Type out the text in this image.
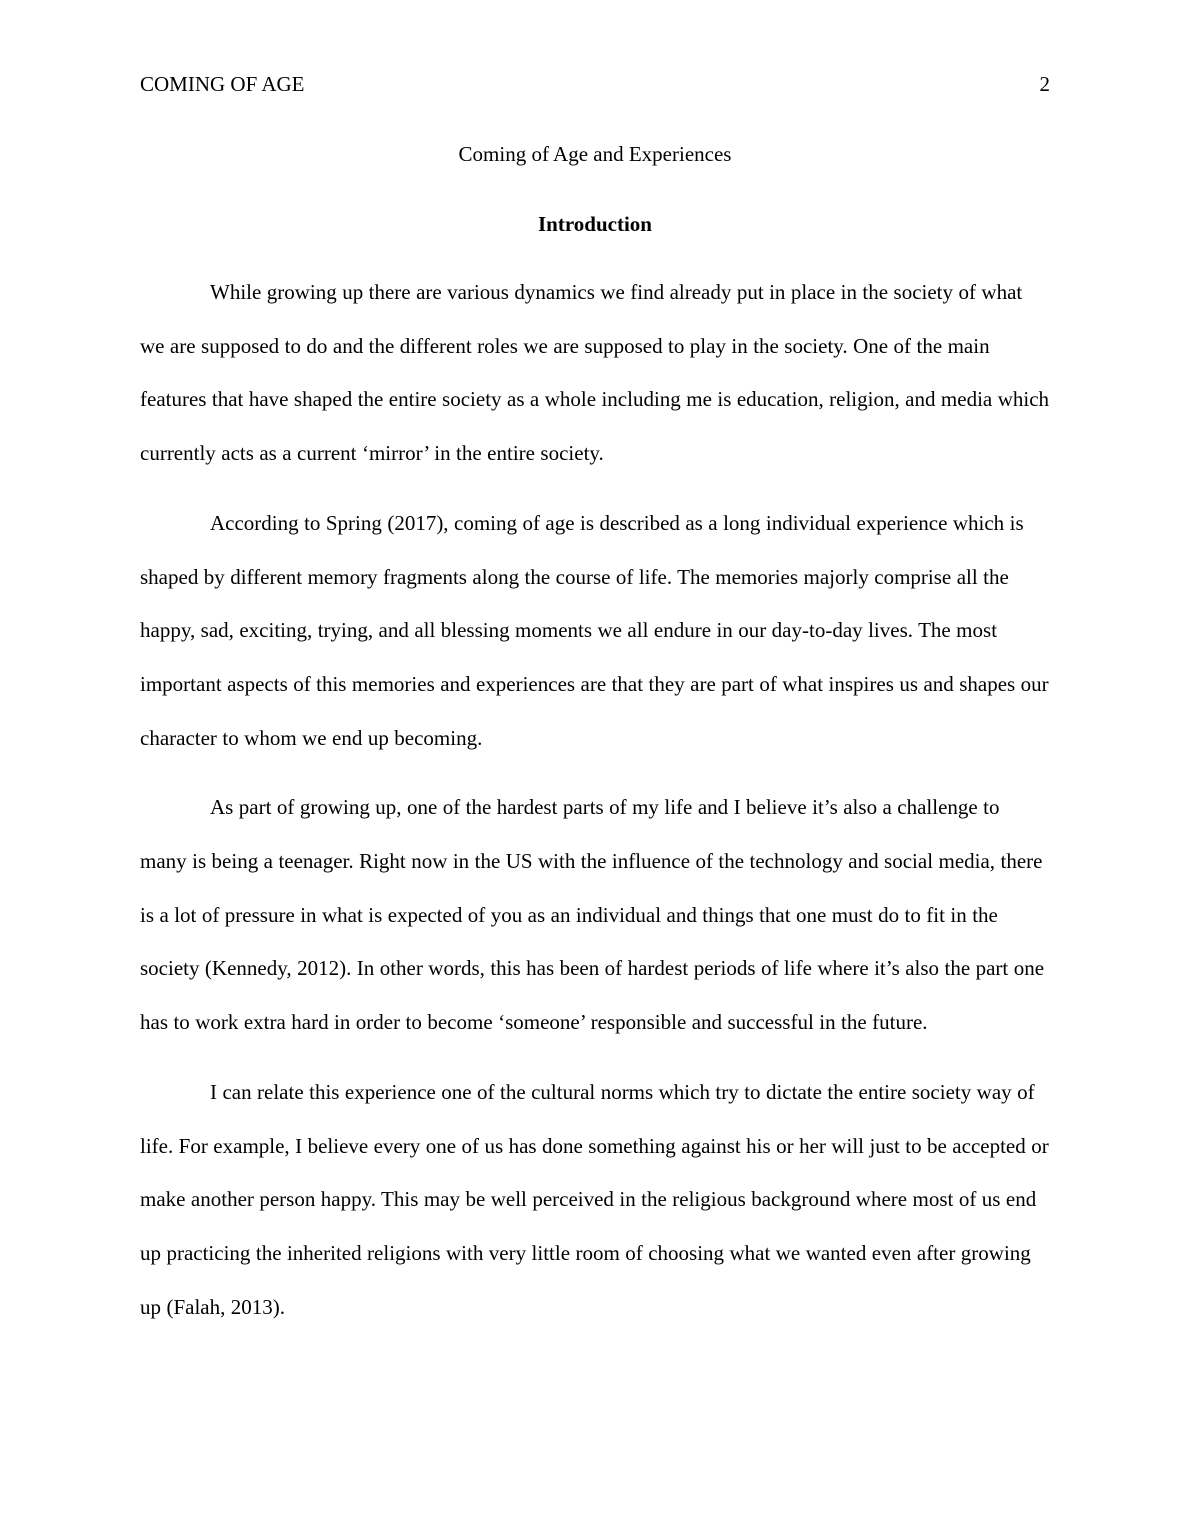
COMING OF AGE	2
Coming of Age and Experiences
Introduction

While growing up there are various dynamics we find already put in place in the society of what we are supposed to do and the different roles we are supposed to play in the society. One of the main features that have shaped the entire society as a whole including me is education, religion, and media which currently acts as a current ‘mirror’ in the entire society.

According to Spring (2017), coming of age is described as a long individual experience which is shaped by different memory fragments along the course of life. The memories majorly comprise all the happy, sad, exciting, trying, and all blessing moments we all endure in our day-to-day lives. The most important aspects of this memories and experiences are that they are part of what inspires us and shapes our character to whom we end up becoming.

As part of growing up, one of the hardest parts of my life and I believe it’s also a challenge to many is being a teenager. Right now in the US with the influence of the technology and social media, there is a lot of pressure in what is expected of you as an individual and things that one must do to fit in the society (Kennedy, 2012). In other words, this has been of hardest periods of life where it’s also the part one has to work extra hard in order to become ‘someone’ responsible and successful in the future.

I can relate this experience one of the cultural norms which try to dictate the entire society way of life. For example, I believe every one of us has done something against his or her will just to be accepted or make another person happy. This may be well perceived in the religious background where most of us end up practicing the inherited religions with very little room of choosing what we wanted even after growing up (Falah, 2013).
